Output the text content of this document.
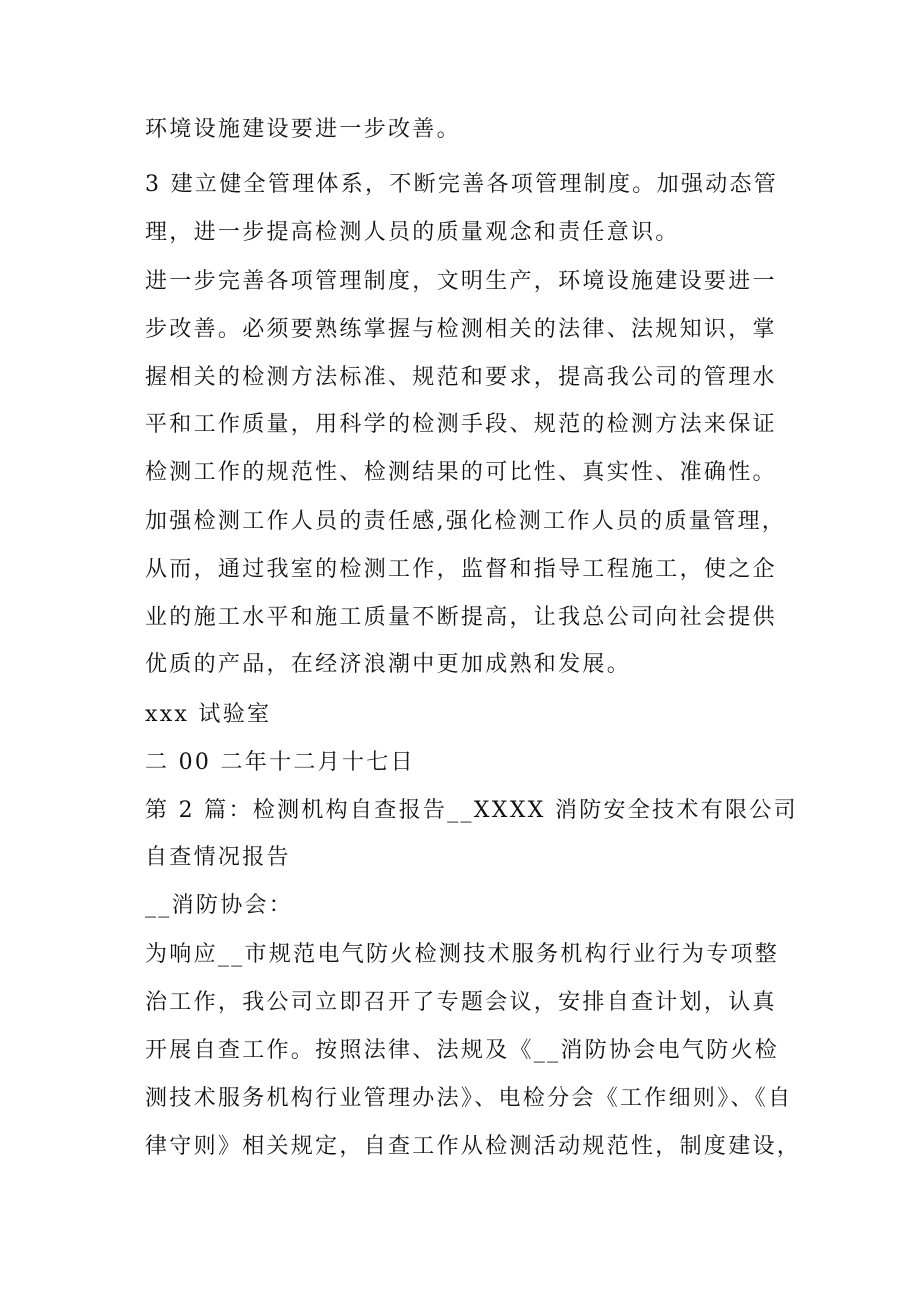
环境设施建设要进一步改善。
3 建立健全管理体系，不断完善各项管理制度。加强动态管
理，进一步提高检测人员的质量观念和责任意识。
进一步完善各项管理制度，文明生产，环境设施建设要进一
步改善。必须要熟练掌握与检测相关的法律、法规知识，掌
握相关的检测方法标准、规范和要求，提高我公司的管理水
平和工作质量，用科学的检测手段、规范的检测方法来保证
检测工作的规范性、检测结果的可比性、真实性、准确性。
加强检测工作人员的责任感,强化检测工作人员的质量管理，
从而，通过我室的检测工作，监督和指导工程施工，使之企
业的施工水平和施工质量不断提高，让我总公司向社会提供
优质的产品，在经济浪潮中更加成熟和发展。
xxx 试验室
二 00 二年十二月十七日
第 2 篇：检测机构自查报告__XXXX 消防安全技术有限公司
自查情况报告
__消防协会：
为响应__市规范电气防火检测技术服务机构行业行为专项整
治工作，我公司立即召开了专题会议，安排自查计划，认真
开展自查工作。按照法律、法规及《__消防协会电气防火检
测技术服务机构行业管理办法》、电检分会《工作细则》、《自
律守则》相关规定，自查工作从检测活动规范性，制度建设，
